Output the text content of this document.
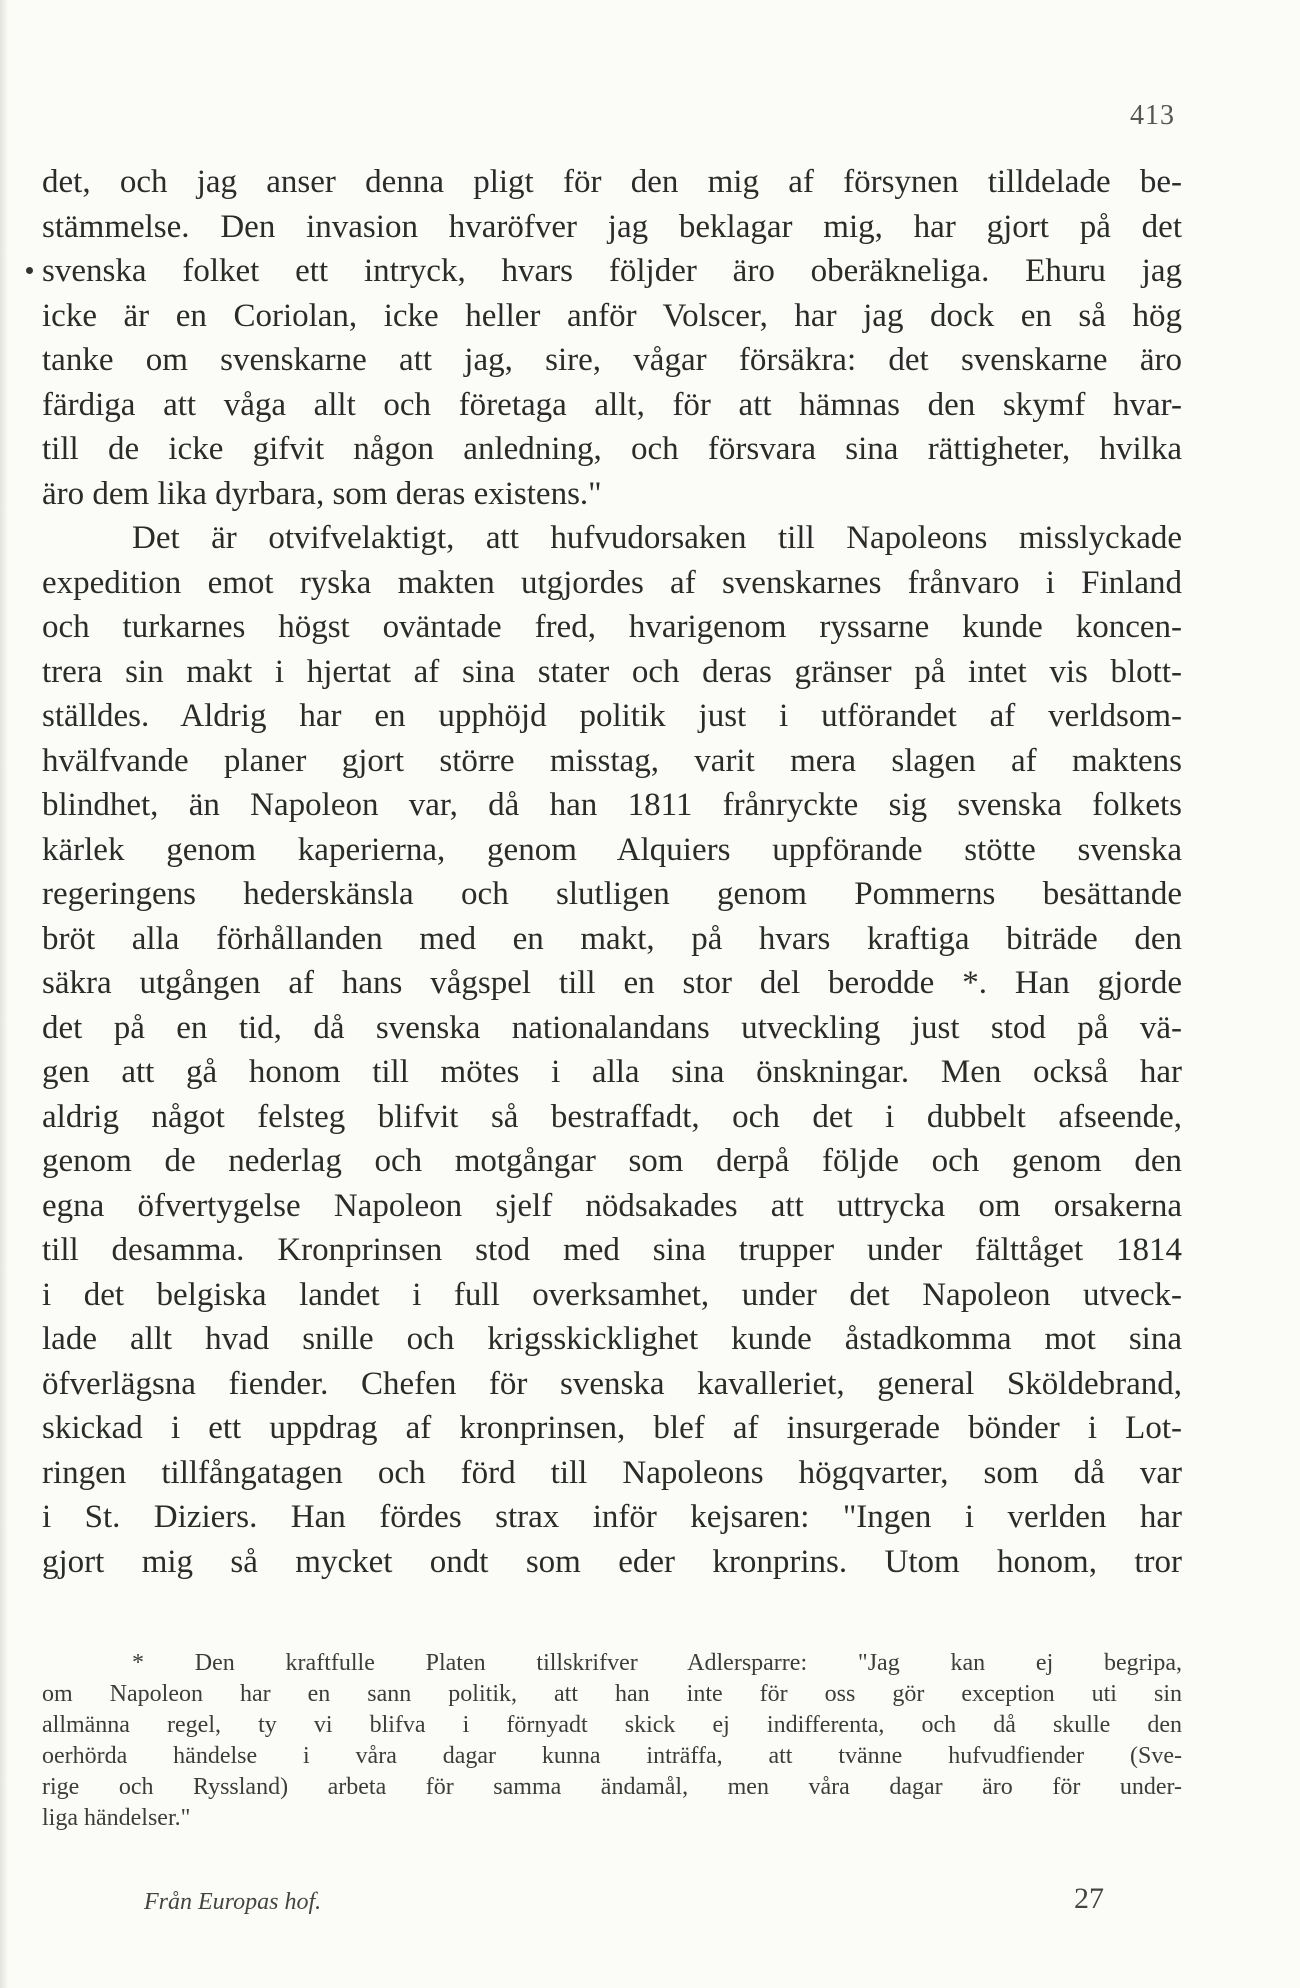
413
det, och jag anser denna pligt för den mig af försynen tilldelade be-
stämmelse. Den invasion hvaröfver jag beklagar mig, har gjort på det
svenska folket ett intryck, hvars följder äro oberäkneliga. Ehuru jag
icke är en Coriolan, icke heller anför Volscer, har jag dock en så hög
tanke om svenskarne att jag, sire, vågar försäkra: det svenskarne äro
färdiga att våga allt och företaga allt, för att hämnas den skymf hvar-
till de icke gifvit någon anledning, och försvara sina rättigheter, hvilka
äro dem lika dyrbara, som deras existens."
Det är otvifvelaktigt, att hufvudorsaken till Napoleons misslyckade
expedition emot ryska makten utgjordes af svenskarnes frånvaro i Finland
och turkarnes högst oväntade fred, hvarigenom ryssarne kunde koncen-
trera sin makt i hjertat af sina stater och deras gränser på intet vis blott-
ställdes. Aldrig har en upphöjd politik just i utförandet af verldsom-
hvälfvande planer gjort större misstag, varit mera slagen af maktens
blindhet, än Napoleon var, då han 1811 frånryckte sig svenska folkets
kärlek genom kaperierna, genom Alquiers uppförande stötte svenska
regeringens hederskänsla och slutligen genom Pommerns besättande
bröt alla förhållanden med en makt, på hvars kraftiga biträde den
säkra utgången af hans vågspel till en stor del berodde *. Han gjorde
det på en tid, då svenska nationalandans utveckling just stod på vä-
gen att gå honom till mötes i alla sina önskningar. Men också har
aldrig något felsteg blifvit så bestraffadt, och det i dubbelt afseende,
genom de nederlag och motgångar som derpå följde och genom den
egna öfvertygelse Napoleon sjelf nödsakades att uttrycka om orsakerna
till desamma. Kronprinsen stod med sina trupper under fälttåget 1814
i det belgiska landet i full overksamhet, under det Napoleon utveck-
lade allt hvad snille och krigsskicklighet kunde åstadkomma mot sina
öfverlägsna fiender. Chefen för svenska kavalleriet, general Sköldebrand,
skickad i ett uppdrag af kronprinsen, blef af insurgerade bönder i Lot-
ringen tillfångatagen och förd till Napoleons högqvarter, som då var
i St. Diziers. Han fördes strax inför kejsaren: "Ingen i verlden har
gjort mig så mycket ondt som eder kronprins. Utom honom, tror
* Den kraftfulle Platen tillskrifver Adlersparre: "Jag kan ej begripa,
om Napoleon har en sann politik, att han inte för oss gör exception uti sin
allmänna regel, ty vi blifva i förnyadt skick ej indifferenta, och då skulle den
oerhörda händelse i våra dagar kunna inträffa, att tvänne hufvudfiender (Sve-
rige och Ryssland) arbeta för samma ändamål, men våra dagar äro för under-
liga händelser."
Från Europas hof.	27
